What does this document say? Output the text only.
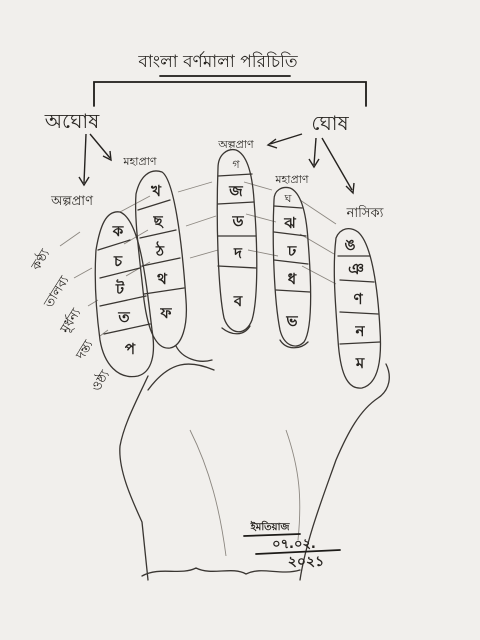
বাংলা বর্ণমালা পরিচিতি
অঘোষ	ঘোষ
মহাপ্রাণ
অল্পপ্রাণ
অল্পপ্রাণ
মহাপ্রাণ
নাসিক্য
কণ্ঠ্য
তালব্য
মূর্ধন্য
দন্ত্য
ওষ্ঠ্য
ক
চ
ট
ত
প
খ
ছ
ঠ
থ
ফ
গ
জ
ড
দ
ব
ঘ
ঝ
ঢ
ধ
ভ
ঙ
ঞ
ণ
ন
ম
ইমতিয়াজ
০৭.০২.
২০২১
